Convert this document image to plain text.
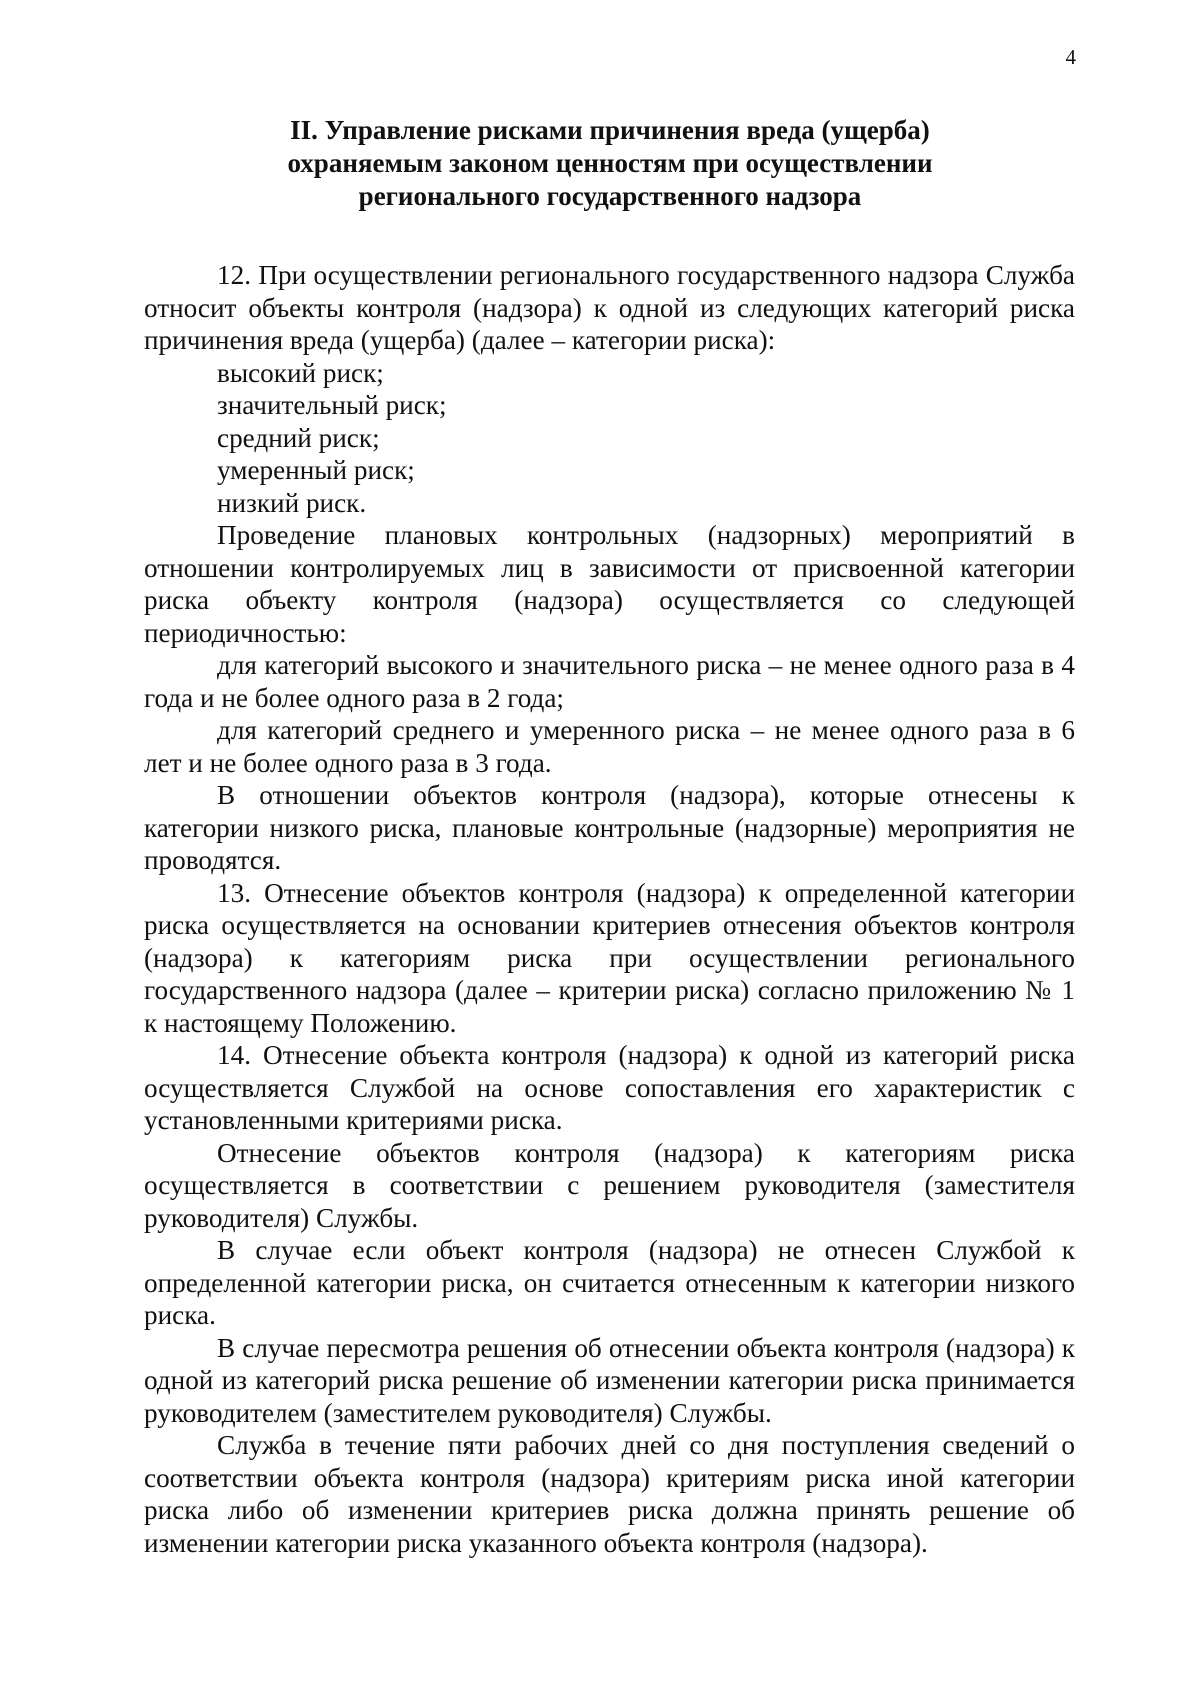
4
II. Управление рисками причинения вреда (ущерба)
охраняемым законом ценностям при осуществлении
регионального государственного надзора

12. При осуществлении регионального государственного надзора Служба относит объекты контроля (надзора) к одной из следующих категорий риска причинения вреда (ущерба) (далее – категории риска):

высокий риск;

значительный риск;

средний риск;

умеренный риск;

низкий риск.

Проведение плановых контрольных (надзорных) мероприятий в отношении контролируемых лиц в зависимости от присвоенной категории риска объекту контроля (надзора) осуществляется со следующей периодичностью:

для категорий высокого и значительного риска – не менее одного раза в 4 года и не более одного раза в 2 года;

для категорий среднего и умеренного риска – не менее одного раза в 6 лет и не более одного раза в 3 года.

В отношении объектов контроля (надзора), которые отнесены к категории низкого риска, плановые контрольные (надзорные) мероприятия не проводятся.

13. Отнесение объектов контроля (надзора) к определенной категории риска осуществляется на основании критериев отнесения объектов контроля (надзора) к категориям риска при осуществлении регионального государственного надзора (далее – критерии риска) согласно приложению № 1 к настоящему Положению.

14. Отнесение объекта контроля (надзора) к одной из категорий риска осуществляется Службой на основе сопоставления его характеристик с установленными критериями риска.

Отнесение объектов контроля (надзора) к категориям риска осуществляется в соответствии с решением руководителя (заместителя руководителя) Службы.

В случае если объект контроля (надзора) не отнесен Службой к определенной категории риска, он считается отнесенным к категории низкого риска.

В случае пересмотра решения об отнесении объекта контроля (надзора) к одной из категорий риска решение об изменении категории риска принимается руководителем (заместителем руководителя) Службы.

Служба в течение пяти рабочих дней со дня поступления сведений о соответствии объекта контроля (надзора) критериям риска иной категории риска либо об изменении критериев риска должна принять решение об изменении категории риска указанного объекта контроля (надзора).
